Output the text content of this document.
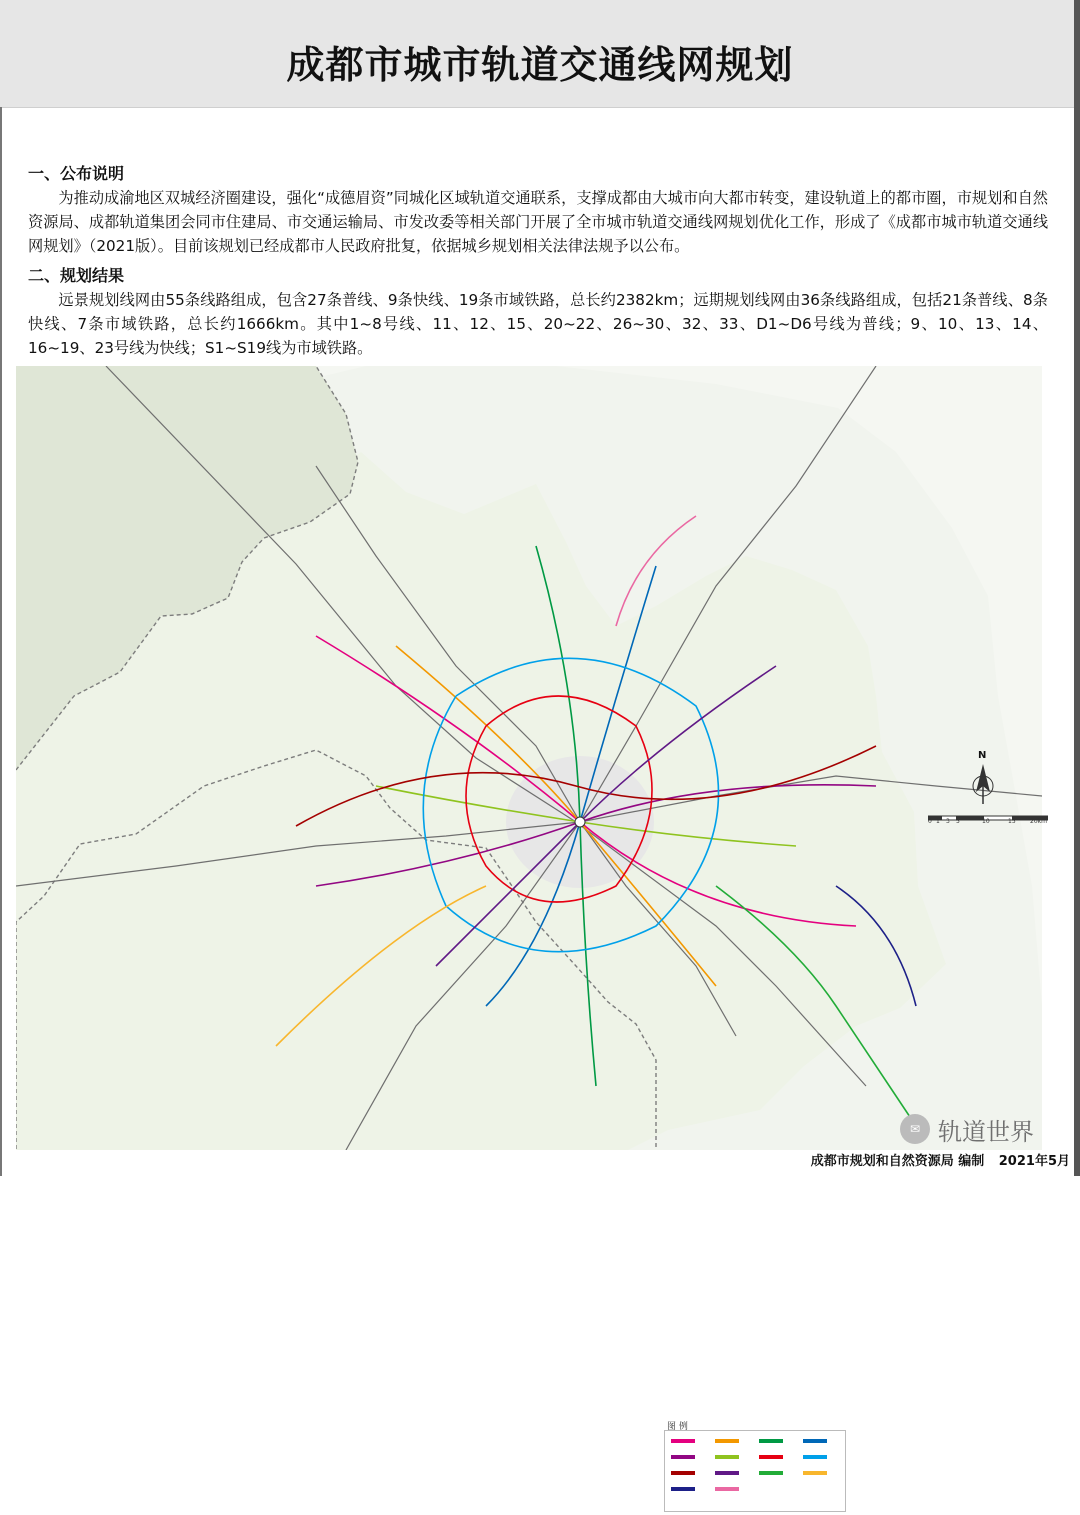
成都市城市轨道交通线网规划
一、公布说明
为推动成渝地区双城经济圈建设，强化“成德眉资”同城化区域轨道交通联系，支撑成都由大城市向大都市转变，建设轨道上的都市圈，市规划和自然资源局、成都轨道集团会同市住建局、市交通运输局、市发改委等相关部门开展了全市城市轨道交通线网规划优化工作，形成了《成都市城市轨道交通线网规划》（2021版）。目前该规划已经成都市人民政府批复，依据城乡规划相关法律法规予以公布。
二、规划结果
远景规划线网由55条线路组成，包含27条普线、9条快线、19条市域铁路，总长约2382km；远期规划线网由36条线路组成，包括21条普线、8条快线、7条市域铁路，总长约1666km。其中1~8号线、11、12、15、20~22、26~30、32、33、D1~D6号线为普线；9、10、13、14、16~19、23号线为快线；S1~S19线为市域铁路。
N
0 1 3 5	10	15 20km
图 例
✉ 轨道世界
成都市规划和自然资源局 编制 2021年5月
